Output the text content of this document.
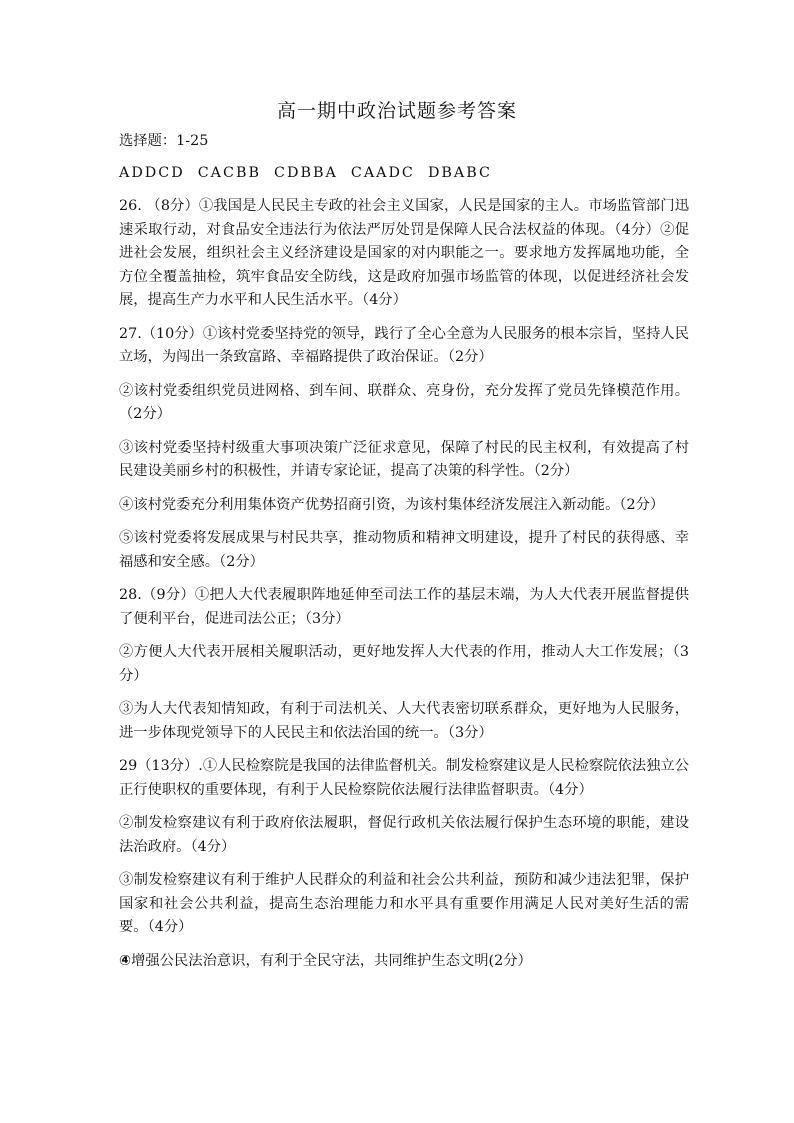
高一期中政治试题参考答案

选择题：1-25

ADDCD  CACBB  CDBBA  CAADC  DBABC

26. （8分）①我国是人民民主专政的社会主义国家，人民是国家的主人。市场监管部门迅速采取行动，对食品安全违法行为依法严厉处罚是保障人民合法权益的体现。（4分）②促进社会发展，组织社会主义经济建设是国家的对内职能之一。要求地方发挥属地功能，全方位全覆盖抽检，筑牢食品安全防线，这是政府加强市场监管的体现，以促进经济社会发展，提高生产力水平和人民生活水平。（4分）

27.（10分）①该村党委坚持党的领导，践行了全心全意为人民服务的根本宗旨，坚持人民立场，为闯出一条致富路、幸福路提供了政治保证。（2分）

②该村党委组织党员进网格、到车间、联群众、亮身份，充分发挥了党员先锋模范作用。（2分）

③该村党委坚持村级重大事项决策广泛征求意见，保障了村民的民主权利，有效提高了村民建设美丽乡村的积极性，并请专家论证，提高了决策的科学性。（2分）

④该村党委充分利用集体资产优势招商引资，为该村集体经济发展注入新动能。（2分）

⑤该村党委将发展成果与村民共享，推动物质和精神文明建设，提升了村民的获得感、幸福感和安全感。（2分）

28.（9分）①把人大代表履职阵地延伸至司法工作的基层末端，为人大代表开展监督提供了便利平台，促进司法公正；（3分）

②方便人大代表开展相关履职活动，更好地发挥人大代表的作用，推动人大工作发展；（3分）

③为人大代表知情知政，有利于司法机关、人大代表密切联系群众，更好地为人民服务，进一步体现党领导下的人民民主和依法治国的统一。（3分）

29（13分）.①人民检察院是我国的法律监督机关。制发检察建议是人民检察院依法独立公正行使职权的重要体现，有利于人民检察院依法履行法律监督职责。（4分）

②制发检察建议有利于政府依法履职，督促行政机关依法履行保护生态环境的职能，建设法治政府。（4分）

③制发检察建议有利于维护人民群众的利益和社会公共利益，预防和减少违法犯罪，保护国家和社会公共利益，提高生态治理能力和水平具有重要作用满足人民对美好生活的需要。（4分）

④增强公民法治意识，有利于全民守法，共同维护生态文明(2分）
